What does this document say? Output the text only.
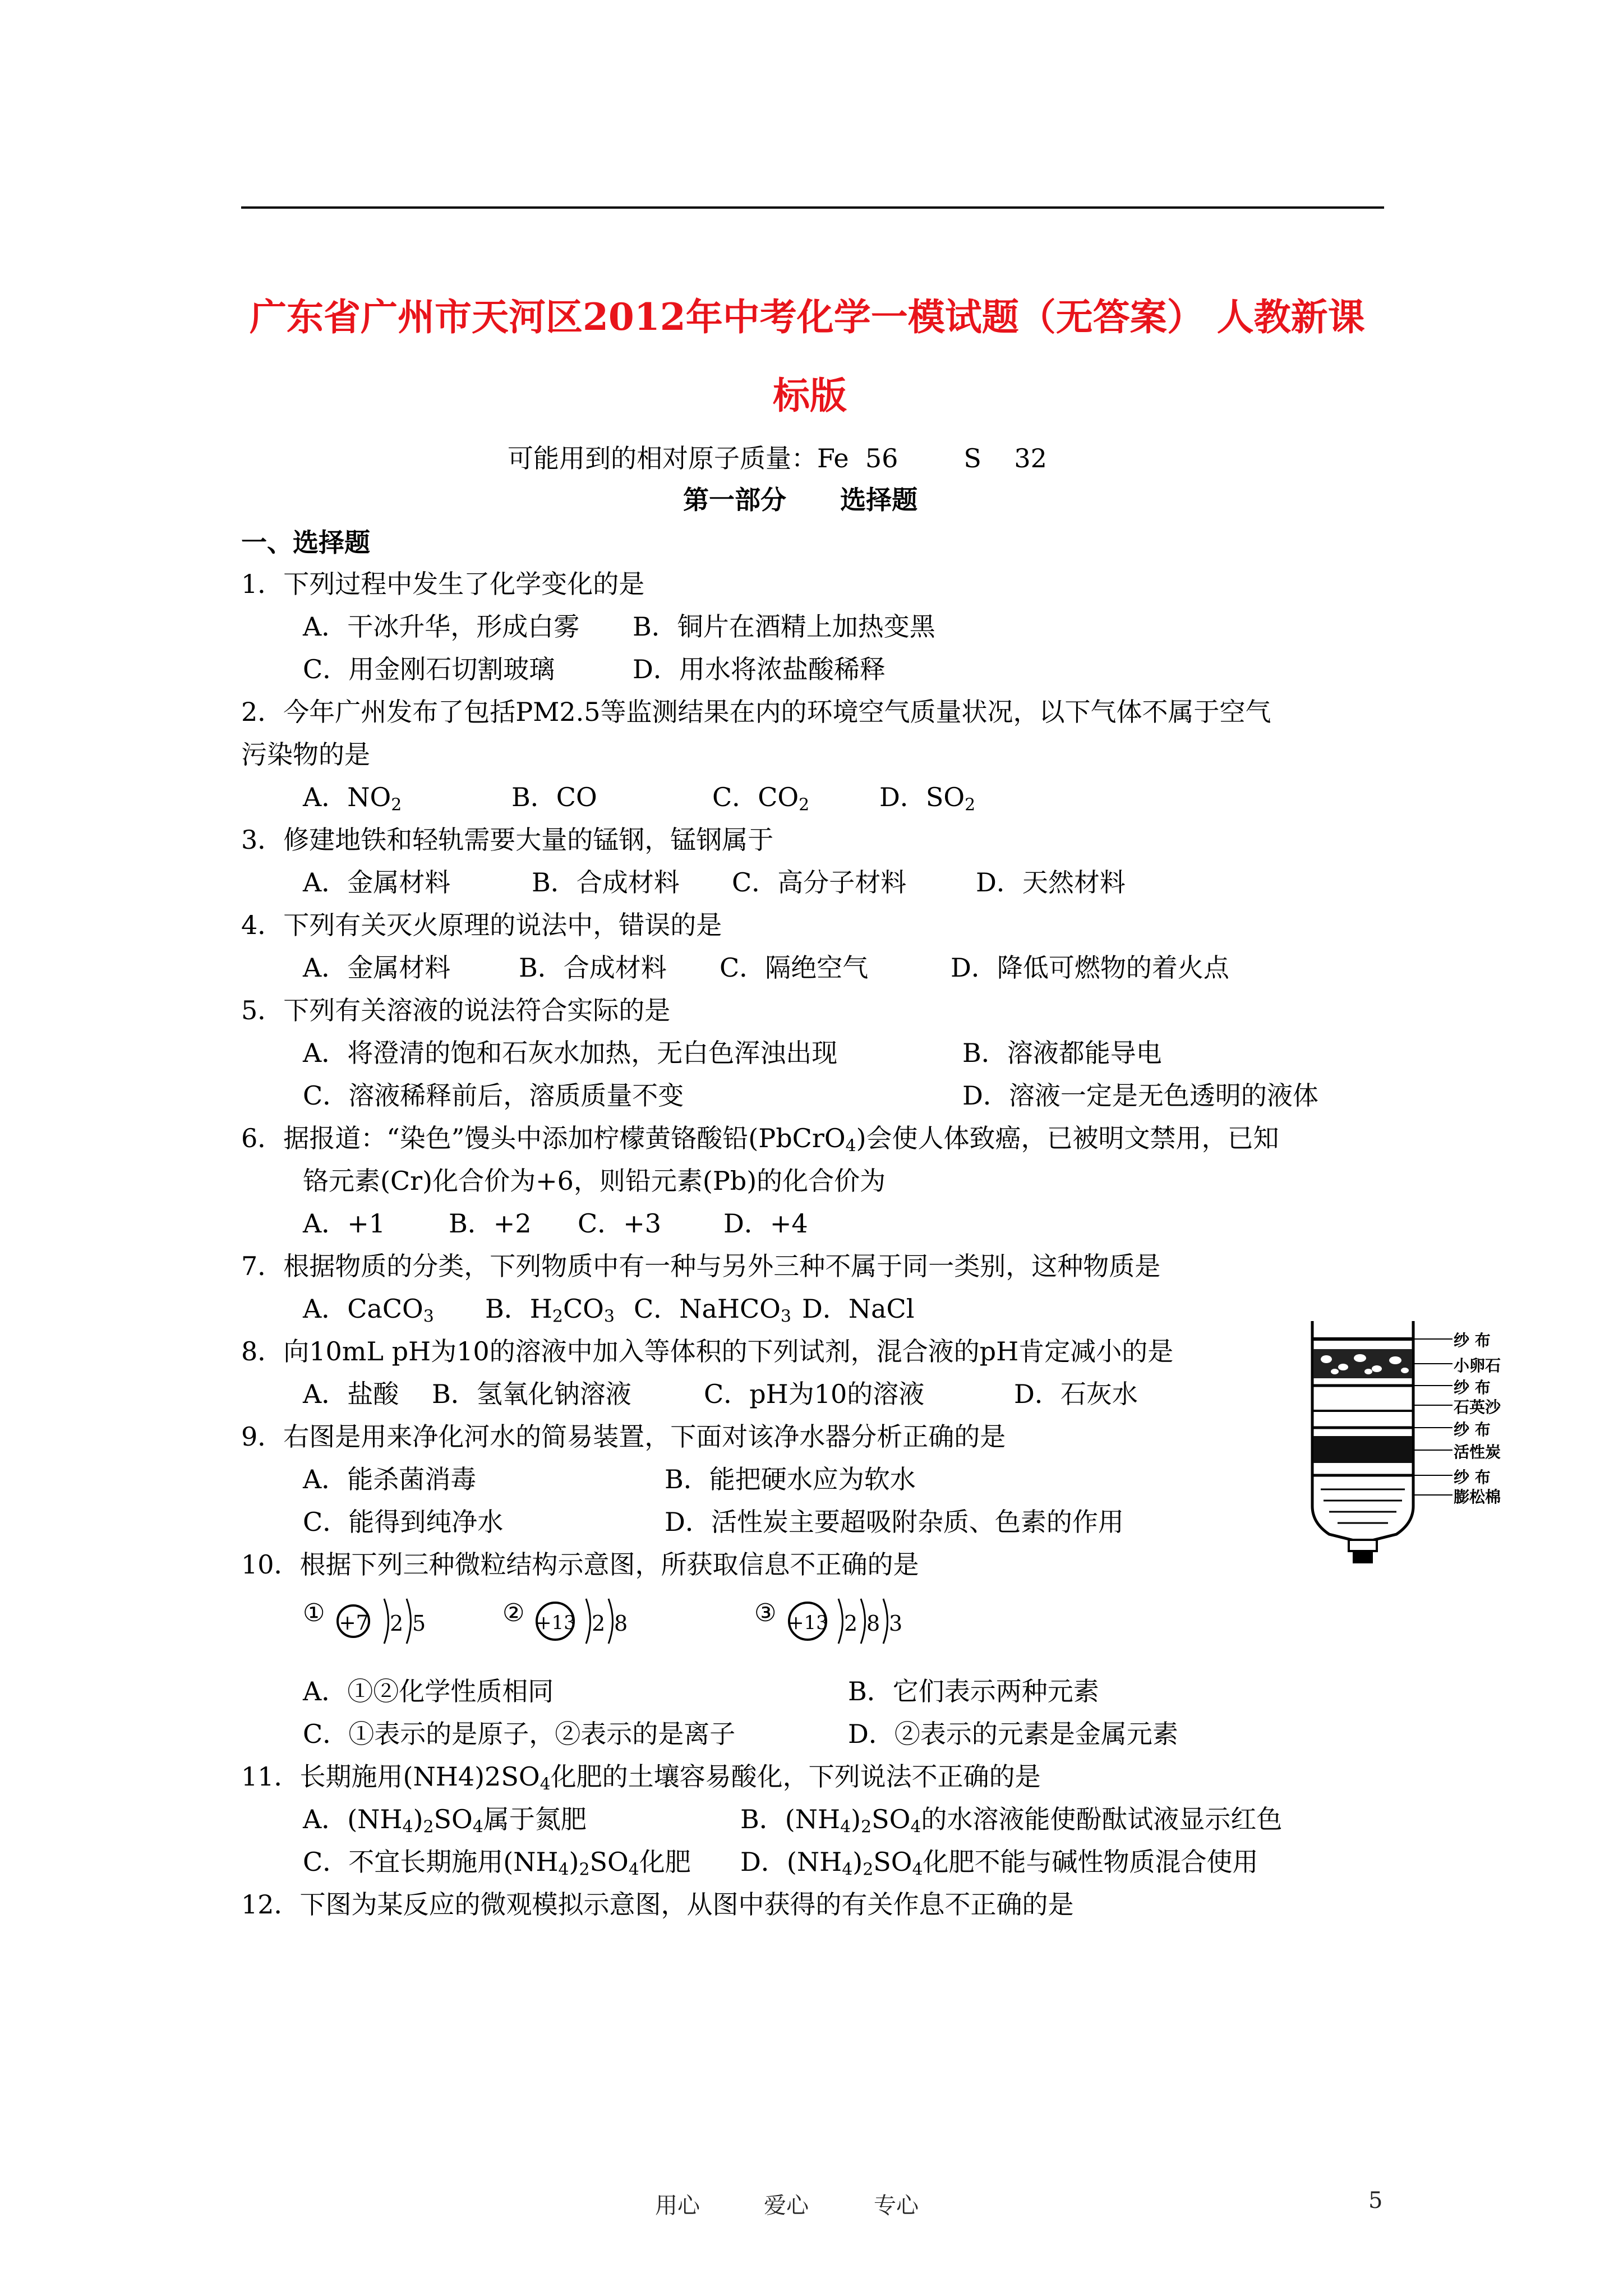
广东省广州市天河区2012年中考化学一模试题（无答案） 人教新课
标版
可能用到的相对原子质量：Fe  56        S    32
第一部分      选择题
一、选择题
1．下列过程中发生了化学变化的是
A．干冰升华，形成白雾 B．铜片在酒精上加热变黑
C．用金刚石切割玻璃	D．用水将浓盐酸稀释
2．今年广州发布了包括PM2.5等监测结果在内的环境空气质量状况，以下气体不属于空气
污染物的是
A．$NO_2$	B．CO	C．$CO_2$	D．$SO_2$
3．修建地铁和轻轨需要大量的锰钢，锰钢属于
A．金属材料	B．合成材料 C．高分子材料	D．天然材料
4．下列有关灭火原理的说法中，错误的是
A．金属材料	B．合成材料 C．隔绝空气	D．降低可燃物的着火点
5．下列有关溶液的说法符合实际的是
A．将澄清的饱和石灰水加热，无白色浑浊出现	B．溶液都能导电
C．溶液稀释前后，溶质质量不变	D．溶液一定是无色透明的液体
6．据报道：“染色”馒头中添加柠檬黄铬酸铅(PbCrO$_4$)会使人体致癌，已被明文禁用，已知
铬元素(Cr)化合价为+6，则铅元素(Pb)的化合价为
A．+1 B．+2 C．+3 D．+4
7．根据物质的分类，下列物质中有一种与另外三种不属于同一类别，这种物质是
A．CaCO$_3$ B．$H_2CO_3$ C．NaHCO$_3$ D．NaCl
8．向10mL pH为10的溶液中加入等体积的下列试剂，混合液的pH肯定减小的是
A．盐酸 B．氢氧化钠溶液	C．pH为10的溶液	D．石灰水
9．右图是用来净化河水的简易装置，下面对该净水器分析正确的是
A．能杀菌消毒	B．能把硬水应为软水
C．能得到纯净水	D．活性炭主要超吸附杂质、色素的作用
纱 布
小卵石
纱 布
石英沙
纱 布
活性炭
纱 布
膨松棉
10．根据下列三种微粒结构示意图，所获取信息不正确的是
① +7 2 5	② +13 2 8	③ +13 2 8 3
A．①②化学性质相同	B．它们表示两种元素
C．①表示的是原子，②表示的是离子	D．②表示的元素是金属元素
11．长期施用$(NH4)2SO_4$化肥的土壤容易酸化，下列说法不正确的是
A．$(NH_4)_2SO_4$属于氮肥	B．$(NH_4)_2SO_4$的水溶液能使酚酞试液显示红色
C．不宜长期施用$(NH_4)_2SO_4$化肥 D．$(NH_4)_2SO_4$化肥不能与碱性物质混合使用
12．下图为某反应的微观模拟示意图，从图中获得的有关作息不正确的是
用心	爱心	专心	5
